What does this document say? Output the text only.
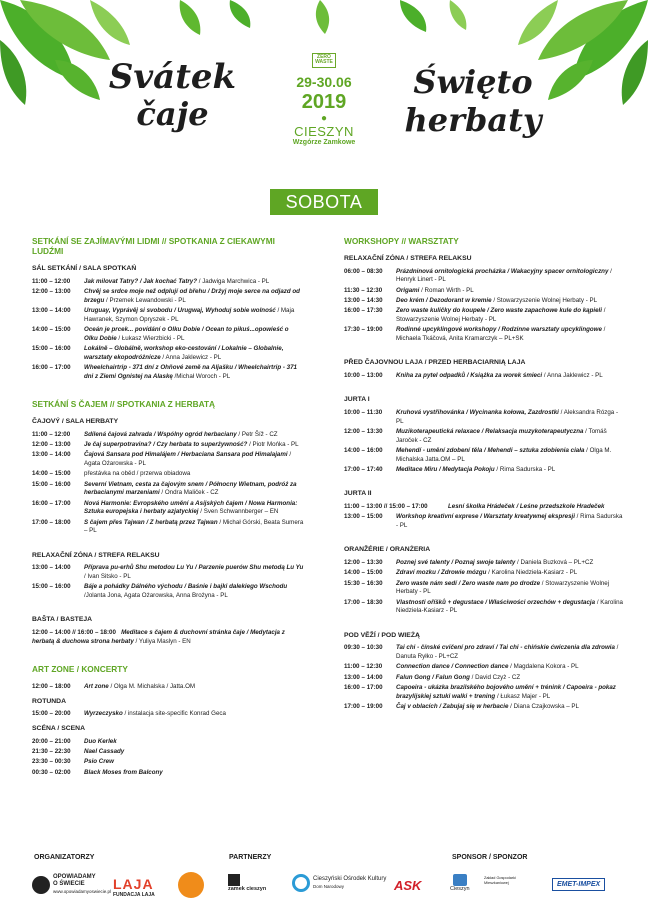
Svátek
čaje
Święto
herbaty
ZERO
WASTE
29-30.06
2019
●
CIESZYN
Wzgórze Zamkowe
SOBOTA
SETKÁNÍ SE ZAJÍMAVÝMI LIDMI // SPOTKANIA Z CIEKAWYMI LUDŹMI
SÁL SETKÁNÍ / SALA SPOTKAŃ
11:00 – 12:00	Jak milovat Tatry? / Jak kochać Tatry? / Jadwiga Marchwica - PL
12:00 – 13:00	Chvěj se srdce moje než odplují od břehu / Drżyj moje serce na odjazd od brzegu / Przemek Lewandowski - PL
13:00 – 14:00	Uruguay, Vyprávěj si svobodu / Urugwaj, Wyhoduj sobie wolność / Maja Hawranek, Szymon Opryszek - PL
14:00 – 15:00	Oceán je prcek... povídání o Olku Dobie / Ocean to pikuś...opowieść o Olku Dobie / Łukasz Wierzbicki - PL
15:00 – 16:00	Lokálně – Globálně, workshop eko-cestování / Lokalnie – Globalnie, warsztaty ekopodróżnicze / Anna Jaklewicz - PL
16:00 – 17:00	Wheelchairtrip - 371 dní z Ohňové země na Aljašku / Wheelchairtrip - 371 dni z Ziemi Ognistej na Alaskę /Michał Woroch - PL
SETKÁNÍ S ČAJEM // SPOTKANIA Z HERBATĄ
ČAJOVÝ / SALA HERBATY
11:00 – 12:00	Sdílená čajová zahrada / Wspólny ogród herbaciany / Petr Šíž - CZ
12:00 – 13:00	Je čaj superpotravina? / Czy herbata to superżywność? / Piotr Mońka - PL
13:00 – 14:00	Čajová Sansara pod Himalájem / Herbaciana Sansara pod Himalajami / Agata Ożarowska - PL
14:00 – 15:00	přestávka na oběd / przerwa obiadowa
15:00 – 16:00	Severní Vietnam, cesta za čajovým snem / Północny Wietnam, podróż za herbacianymi marzeniami / Ondra Maliček - CZ
16:00 – 17:00	Nová Harmonie: Evropského umění a Asijských čajem / Nowa Harmonia: Sztuka europejska i herbaty azjatyckiej / Sven Schwannberger – EN
17:00 – 18:00	S čajem přes Tajwan / Z herbatą przez Tajwan / Michał Górski, Beata Sumera – PL
RELAXAČNÍ ZÓNA / STREFA RELAKSU
13:00 – 14:00	Příprava pu-erhů Shu metodou Lu Yu / Parzenie puerów Shu metodą Lu Yu / Ivan Sitsko - PL
15:00 – 16:00	Báje a pohádky Dálného východu / Baśnie i bajki dalekiego Wschodu /Jolanta Jona, Agata Ożarowska, Anna Brożyna - PL
BAŠTA / BASTEJA
12:00 – 14:00 // 16:00 – 18:00 Meditace s čajem & duchovní stránka čaje / Medytacja z herbatą & duchowa strona herbaty / Yuliya Maslyn - EN
ART ZONE / KONCERTY
12:00 – 18:00	Art zone / Olga M. Michalska / Jatta.OM
ROTUNDA
15:00 – 20:00	Wyrzeczysko / instalacja site-specific Konrad Geca
SCÉNA / SCENA
20:00 – 21:00	Duo Kerlek
21:30 – 22:30	Nael Cassady
23:30 – 00:30	Psio Crew
00:30 – 02:00	Black Moses from Balcony
WORKSHOPY // WARSZTATY
RELAXAČNÍ ZÓNA / STREFA RELAKSU
06:00 – 08:30	Prázdninová ornitologická procházka / Wakacyjny spacer ornitologiczny / Henryk Linert - PL
11:30 – 12:30	Origami / Roman Wirth - PL
13:00 – 14:30	Deo krém / Dezodorant w kremie / Stowarzyszenie Wolnej Herbaty - PL
16:00 – 17:30	Zero waste kuličky do koupele / Zero waste zapachowe kule do kąpieli / Stowarzyszenie Wolnej Herbaty - PL
17:30 – 19:00	Rodinné upcyklingové workshopy / Rodzinne warsztaty upcyklingowe / Michaela Tkáčová, Anita Kramarczyk – PL+SK
PŘED ČAJOVNOU LAJA / PRZED HERBACIARNIĄ LAJA
10:00 – 13:00	Kniha za pytel odpadků / Książka za worek śmieci / Anna Jaklewicz - PL
JURTA I
10:00 – 11:30	Kruhová vystřihovánka / Wycinanka kołowa, Zazdrostki / Aleksandra Rózga - PL
12:00 – 13:30	Muzikoterapeutická relaxace / Relaksacja muzykoterapeutyczna / Tomáš Jaroček - CZ
14:00 – 16:00	Mehendí - umění zdobení těla / Mehendi – sztuka zdobienia ciała / Olga M. Michalska Jatta.OM – PL
17:00 – 17:40	Meditace Miru / Medytacja Pokoju / Rima Sadurska - PL
JURTA II
11:00 – 13:00 // 15:00 – 17:00	Lesní školka Hrádeček / Leśne przedszkole Hradeček
13:00 – 15:00	Workshop kreativní exprese / Warsztaty kreatywnej ekspresji / Rima Sadurska - PL
ORANŽÉRIE / ORANŻERIA
12:00 – 13:30	Poznej své talenty / Poznaj swoje talenty / Daniela Buzková – PL+CZ
14:00 – 15:00	Zdraví mozku / Zdrowie mózgu / Karolina Niedziela-Kasiarz - PL
15:30 – 16:30	Zero waste nám sedí / Zero waste nam po drodze / Stowarzyszenie Wolnej Herbaty - PL
17:00 – 18:30	Vlastnosti oříšků + degustace / Właściwości orzechów + degustacja / Karolina Niedziela-Kasiarz - PL
POD VĚŽÍ / POD WIEŻĄ
09:30 – 10:30	Tai chi - čínské cvičení pro zdraví / Tai chi - chińskie ćwiczenia dla zdrowia / Danuta Ryłko - PL+CZ
11:00 – 12:30	Connection dance / Connection dance / Magdalena Kokora - PL
13:00 – 14:00	Falun Gong / Falun Gong / David Czyż - CZ
16:00 – 17:00	Capoeira - ukázka brazilského bojového umění + trénink / Capoeira - pokaz brazylijskiej sztuki walki + trening / Łukasz Majer - PL
17:00 – 19:00	Čaj v oblacích / Zabujaj się w herbacie / Diana Czajkowska – PL
ORGANIZATORZY	PARTNERZY	SPONSOR / SPONZOR
OPOWIADAMY
O ŚWIECIE
www.opowiadamyoswiecie.pl LAJA
FUNDACJA LAJA
zamek cieszyn
Cieszyński Ośrodek Kultury
Dom Narodowy	ASK	Cieszyn
Zakład Gospodarki Mieszkaniowej	EMET-IMPEX
